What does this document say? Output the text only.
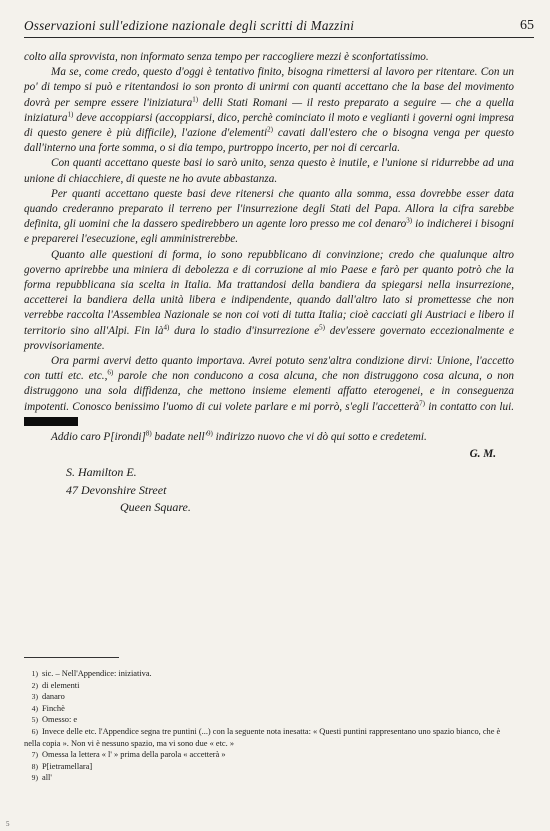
Osservazioni sull'edizione nazionale degli scritti di Mazzini	65

colto alla sprovvista, non informato senza tempo per raccogliere mezzi è sconfortatissimo.

Ma se, come credo, questo d'oggi è tentativo finito, bisogna rimettersi al lavoro per ritentare. Con un po' di tempo si può e ritentandosi io son pronto di unirmi con quanti accettano che la base del movimento dovrà per sempre essere l'iniziatura$^{1)}$ delli Stati Romani — il resto preparato a seguire — che a quella iniziatura$^{1)}$ deve accoppiarsi (accoppiarsi, dico, perchè cominciato il moto e veglianti i governi ogni impresa di questo genere è più difficile), l'azione d'elementi$^{2)}$ cavati dall'estero che o bisogna venga per questo dall'interno una forte somma, o si dia tempo, purtroppo incerto, per noi di cercarla.

Con quanti accettano queste basi io sarò unito, senza questo è inutile, e l'unione si ridurrebbe ad una unione di chiacchiere, di queste ne ho avute abbastanza.

Per quanti accettano queste basi deve ritenersi che quanto alla somma, essa dovrebbe esser data quando crederanno preparato il terreno per l'insurrezione degli Stati del Papa. Allora la cifra sarebbe definita, gli uomini che la dassero spedirebbero un agente loro presso me col denaro$^{3)}$ io indicherei i bisogni e preparerei l'esecuzione, egli amministrerebbe.

Quanto alle questioni di forma, io sono repubblicano di convinzione; credo che qualunque altro governo aprirebbe una miniera di debolezza e di corruzione al mio Paese e farò per quanto potrò che la forma repubblicana sia scelta in Italia. Ma trattandosi della bandiera da spiegarsi nella insurrezione, accetterei la bandiera della unità libera e indipendente, quando dall'altro lato si promettesse che non verrebbe raccolta l'Assemblea Nazionale se non coi voti di tutta Italia; cioè cacciati gli Austriaci e libero il territorio sino all'Alpi. Fin $là^{4)}$ dura lo stadio d'insurrezione $e^{5)}$ dev'essere governato eccezionalmente e provvisoriamente.

Ora parmi avervi detto quanto importava. Avrei potuto senz'altra condizione dirvi: Unione, l'accetto con tutti etc. etc.,$^{6)}$ parole che non conducono a cosa alcuna, che non distruggono cosa alcuna, o non distruggono una sola diffidenza, che mettono insieme elementi affatto eterogenei, e in conseguenza impotenti. Conosco benissimo l'uomo di cui volete parlare e mi porrò, s'egli l'accetterà$^{7)}$ in contatto con lui.

Addio caro P[irondi]$^{8)}$ badate $nell'^{9)}$ indirizzo nuovo che vi dò qui sotto e credetemi.

G. M.
S. Hamilton E.
47 Devonshire Street
Queen Square.

1) sic. – Nell'Appendice: iniziativa.

2) di elementi

3) danaro

4) Finchè

5) Omesso: e

6) Invece delle etc. l'Appendice segna tre puntini (...) con la seguente nota inesatta: « Questi puntini rappresentano uno spazio bianco, che è nella copia ». Non vi è nessuno spazio, ma vi sono due « etc. »

7) Omessa la lettera « l' » prima della parola « accetterà »

8) P[ietramellara]

9) all'

5
